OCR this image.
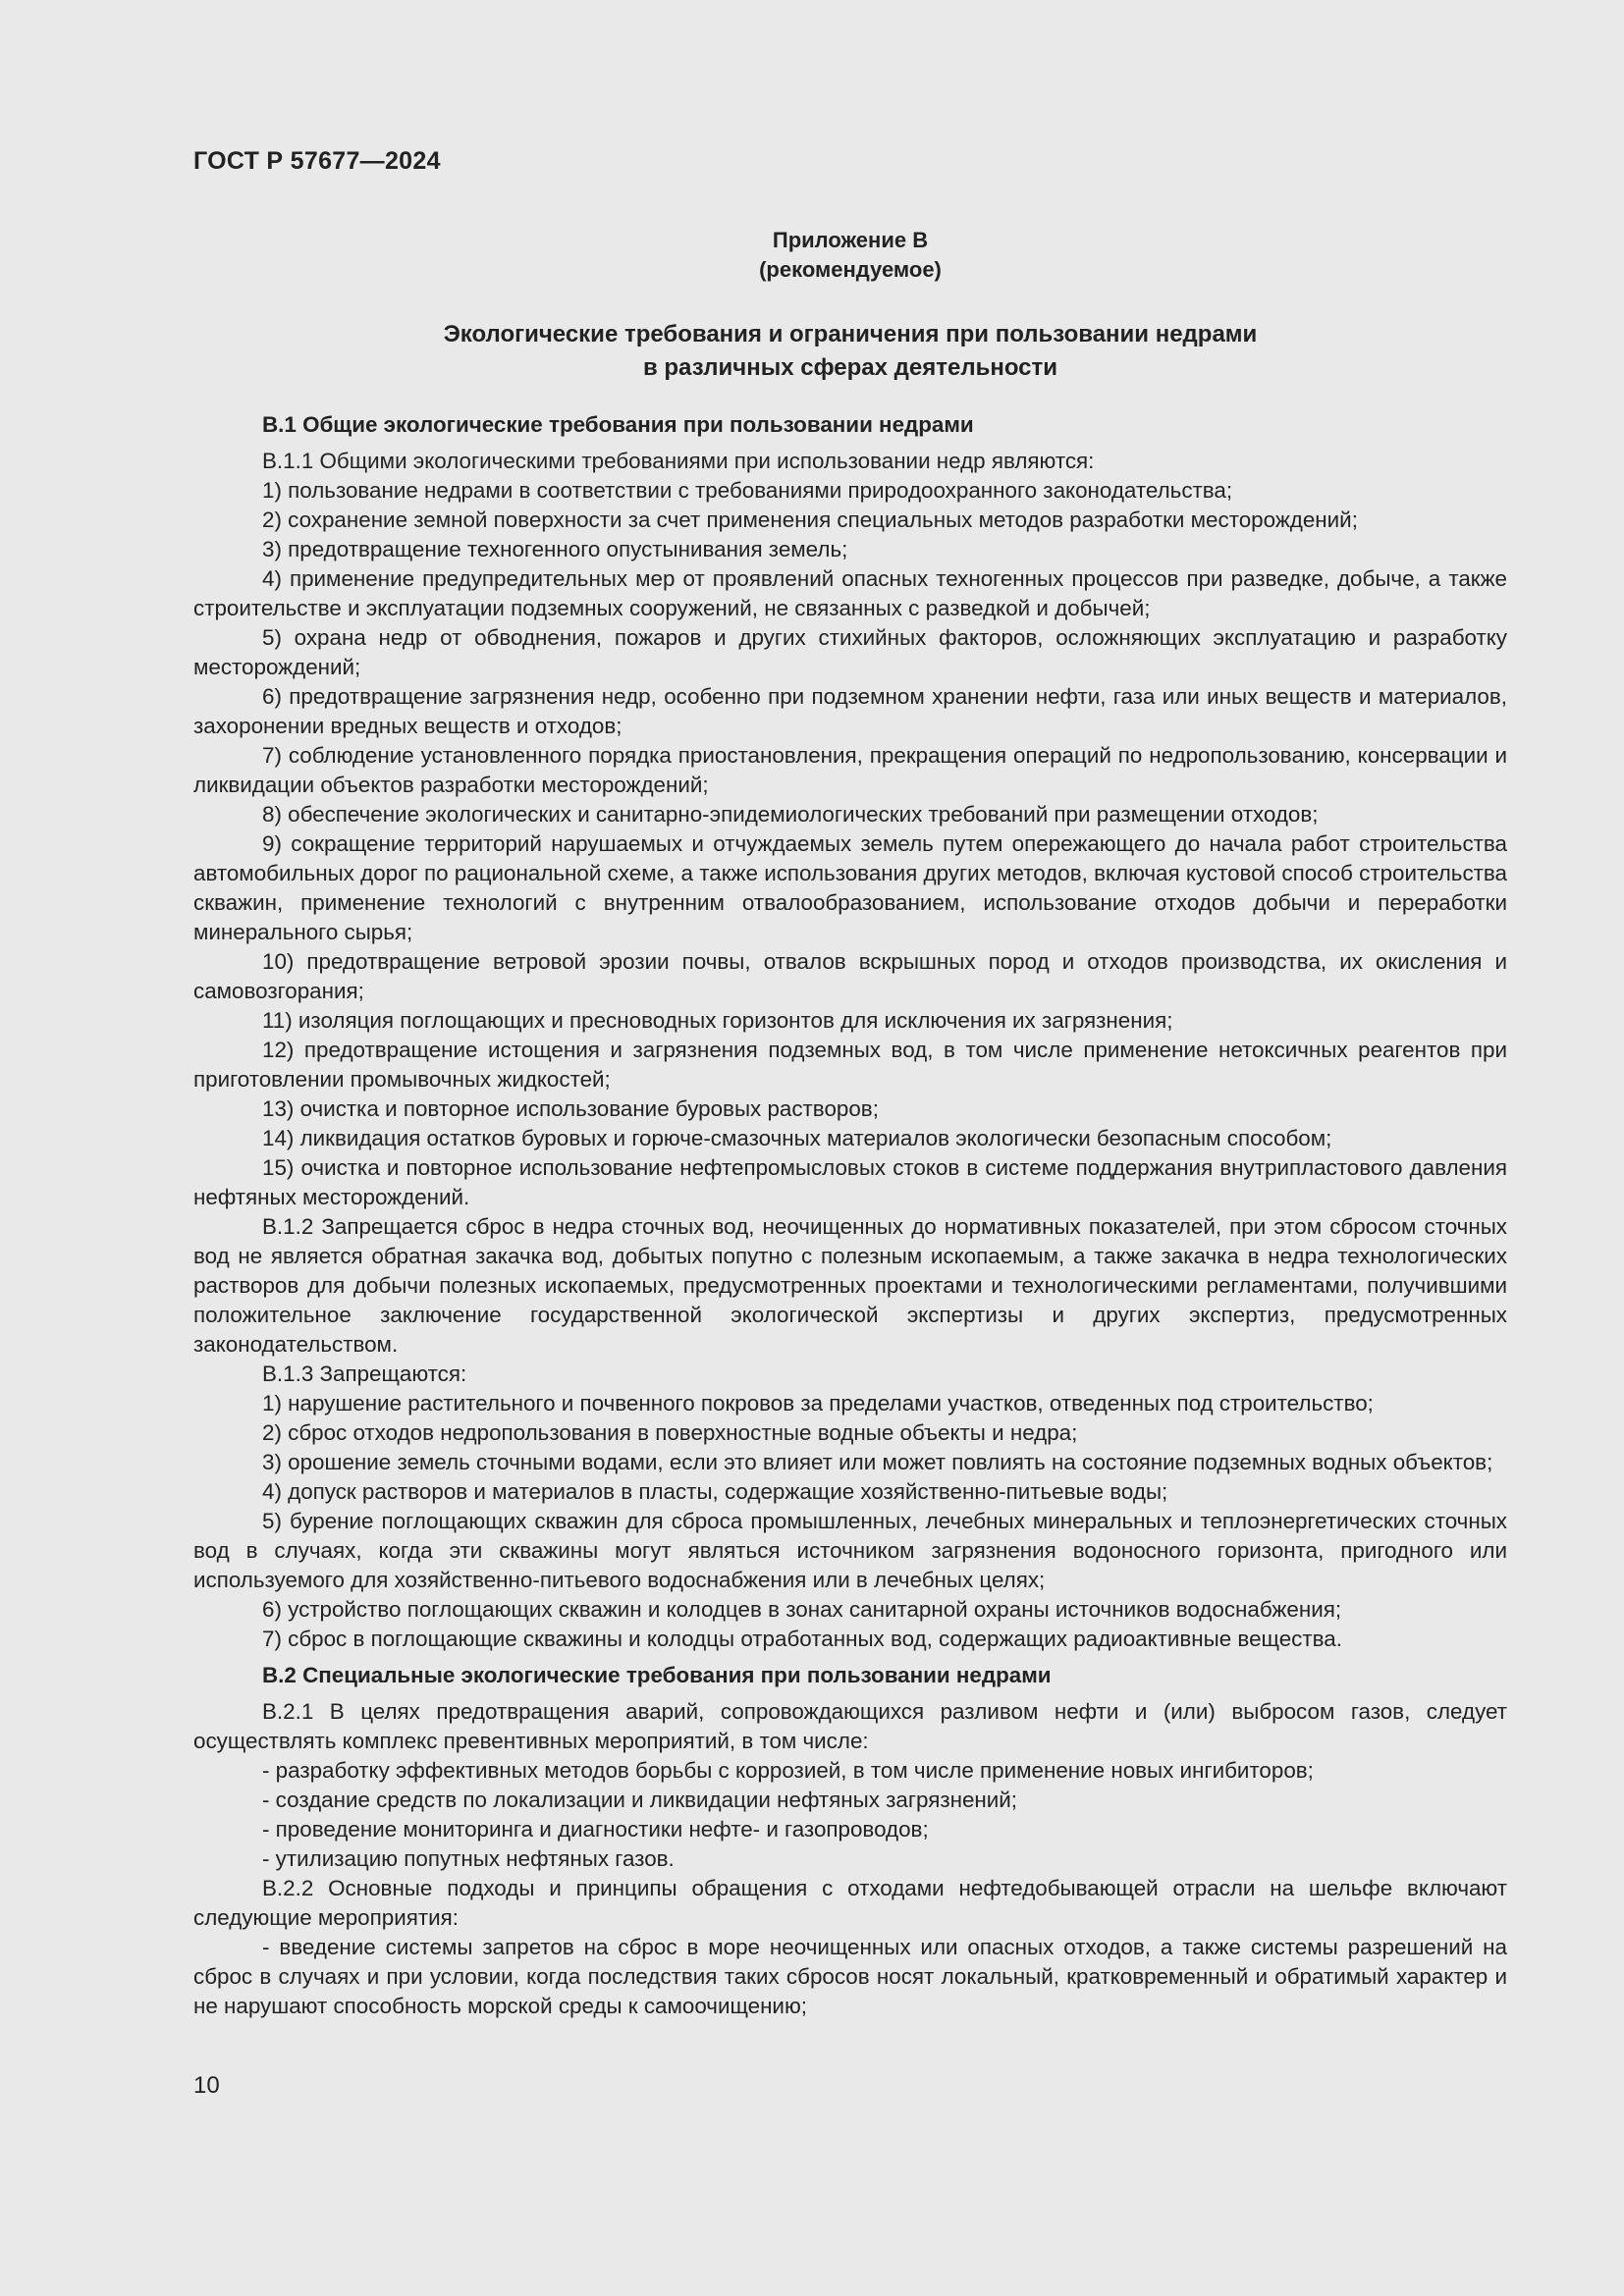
ГОСТ Р 57677—2024
Приложение В
(рекомендуемое)
Экологические требования и ограничения при пользовании недрами
в различных сферах деятельности
В.1 Общие экологические требования при пользовании недрами

В.1.1 Общими экологическими требованиями при использовании недр являются:

1) пользование недрами в соответствии с требованиями природоохранного законодательства;

2) сохранение земной поверхности за счет применения специальных методов разработки месторождений;

3) предотвращение техногенного опустынивания земель;

4) применение предупредительных мер от проявлений опасных техногенных процессов при разведке, добыче, а также строительстве и эксплуатации подземных сооружений, не связанных с разведкой и добычей;

5) охрана недр от обводнения, пожаров и других стихийных факторов, осложняющих эксплуатацию и разработку месторождений;

6) предотвращение загрязнения недр, особенно при подземном хранении нефти, газа или иных веществ и материалов, захоронении вредных веществ и отходов;

7) соблюдение установленного порядка приостановления, прекращения операций по недропользованию, консервации и ликвидации объектов разработки месторождений;

8) обеспечение экологических и санитарно-эпидемиологических требований при размещении отходов;

9) сокращение территорий нарушаемых и отчуждаемых земель путем опережающего до начала работ строительства автомобильных дорог по рациональной схеме, а также использования других методов, включая кустовой способ строительства скважин, применение технологий с внутренним отвалообразованием, использование отходов добычи и переработки минерального сырья;

10) предотвращение ветровой эрозии почвы, отвалов вскрышных пород и отходов производства, их окисления и самовозгорания;

11) изоляция поглощающих и пресноводных горизонтов для исключения их загрязнения;

12) предотвращение истощения и загрязнения подземных вод, в том числе применение нетоксичных реагентов при приготовлении промывочных жидкостей;

13) очистка и повторное использование буровых растворов;

14) ликвидация остатков буровых и горюче-смазочных материалов экологически безопасным способом;

15) очистка и повторное использование нефтепромысловых стоков в системе поддержания внутрипластового давления нефтяных месторождений.

В.1.2 Запрещается сброс в недра сточных вод, неочищенных до нормативных показателей, при этом сбросом сточных вод не является обратная закачка вод, добытых попутно с полезным ископаемым, а также закачка в недра технологических растворов для добычи полезных ископаемых, предусмотренных проектами и технологическими регламентами, получившими положительное заключение государственной экологической экспертизы и других экспертиз, предусмотренных законодательством.

В.1.3 Запрещаются:

1) нарушение растительного и почвенного покровов за пределами участков, отведенных под строительство;

2) сброс отходов недропользования в поверхностные водные объекты и недра;

3) орошение земель сточными водами, если это влияет или может повлиять на состояние подземных водных объектов;

4) допуск растворов и материалов в пласты, содержащие хозяйственно-питьевые воды;

5) бурение поглощающих скважин для сброса промышленных, лечебных минеральных и теплоэнергетических сточных вод в случаях, когда эти скважины могут являться источником загрязнения водоносного горизонта, пригодного или используемого для хозяйственно-питьевого водоснабжения или в лечебных целях;

6) устройство поглощающих скважин и колодцев в зонах санитарной охраны источников водоснабжения;

7) сброс в поглощающие скважины и колодцы отработанных вод, содержащих радиоактивные вещества.

В.2 Специальные экологические требования при пользовании недрами

В.2.1 В целях предотвращения аварий, сопровождающихся разливом нефти и (или) выбросом газов, следует осуществлять комплекс превентивных мероприятий, в том числе:

- разработку эффективных методов борьбы с коррозией, в том числе применение новых ингибиторов;

- создание средств по локализации и ликвидации нефтяных загрязнений;

- проведение мониторинга и диагностики нефте- и газопроводов;

- утилизацию попутных нефтяных газов.

В.2.2 Основные подходы и принципы обращения с отходами нефтедобывающей отрасли на шельфе включают следующие мероприятия:

- введение системы запретов на сброс в море неочищенных или опасных отходов, а также системы разрешений на сброс в случаях и при условии, когда последствия таких сбросов носят локальный, кратковременный и обратимый характер и не нарушают способность морской среды к самоочищению;

10
